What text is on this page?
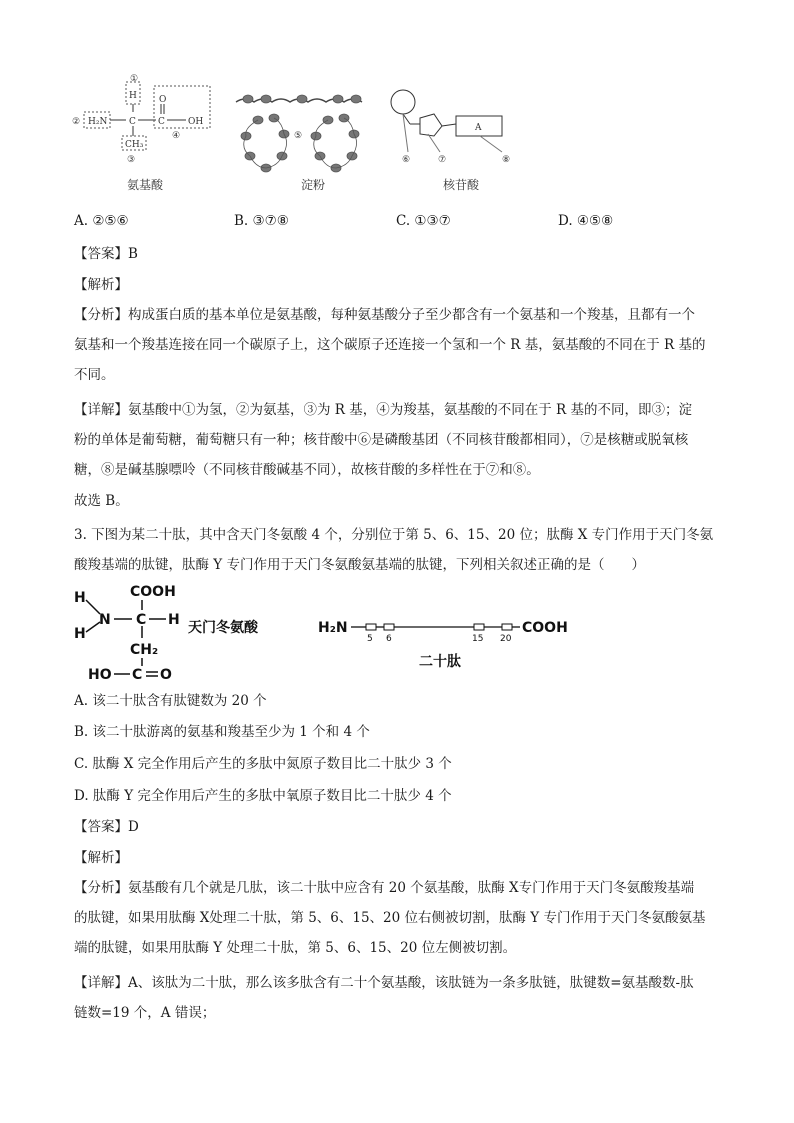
①
H
② H₂N C
O
C	OH
④
CH₃
③
⑤
A
⑥	⑦	⑧
氨基酸	淀粉	核苷酸
A. ②⑤⑥	B. ③⑦⑧	C. ①③⑦	D. ④⑤⑧
【答案】B
【解析】
【分析】构成蛋白质的基本单位是氨基酸，每种氨基酸分子至少都含有一个氨基和一个羧基，且都有一个
氨基和一个羧基连接在同一个碳原子上，这个碳原子还连接一个氢和一个 R 基，氨基酸的不同在于 R 基的
不同。
【详解】氨基酸中①为氢，②为氨基，③为 R 基，④为羧基，氨基酸的不同在于 R 基的不同，即③；淀
粉的单体是葡萄糖，葡萄糖只有一种；核苷酸中⑥是磷酸基团（不同核苷酸都相同），⑦是核糖或脱氧核
糖，⑧是碱基腺嘌呤（不同核苷酸碱基不同），故核苷酸的多样性在于⑦和⑧。
故选 B。
3. 下图为某二十肽，其中含天门冬氨酸 4 个，分别位于第 5、6、15、20 位；肽酶 X 专门作用于天门冬氨
酸羧基端的肽键，肽酶 Y 专门作用于天门冬氨酸氨基端的肽键，下列相关叙述正确的是（　　）
H
H
N C
COOH
H
CH₂
HO C O
天门冬氨酸	H₂N	COOH
5 6	15 20
二十肽
A. 该二十肽含有肽键数为 20 个
B. 该二十肽游离的氨基和羧基至少为 1 个和 4 个
C. 肽酶 X 完全作用后产生的多肽中氮原子数目比二十肽少 3 个
D. 肽酶 Y 完全作用后产生的多肽中氧原子数目比二十肽少 4 个
【答案】D
【解析】
【分析】氨基酸有几个就是几肽，该二十肽中应含有 20 个氨基酸，肽酶 X专门作用于天门冬氨酸羧基端
的肽键，如果用肽酶 X处理二十肽，第 5、6、15、20 位右侧被切割，肽酶 Y 专门作用于天门冬氨酸氨基
端的肽键，如果用肽酶 Y 处理二十肽，第 5、6、15、20 位左侧被切割。
【详解】A、该肽为二十肽，那么该多肽含有二十个氨基酸，该肽链为一条多肽链，肽键数=氨基酸数-肽
链数=19 个，A 错误；
